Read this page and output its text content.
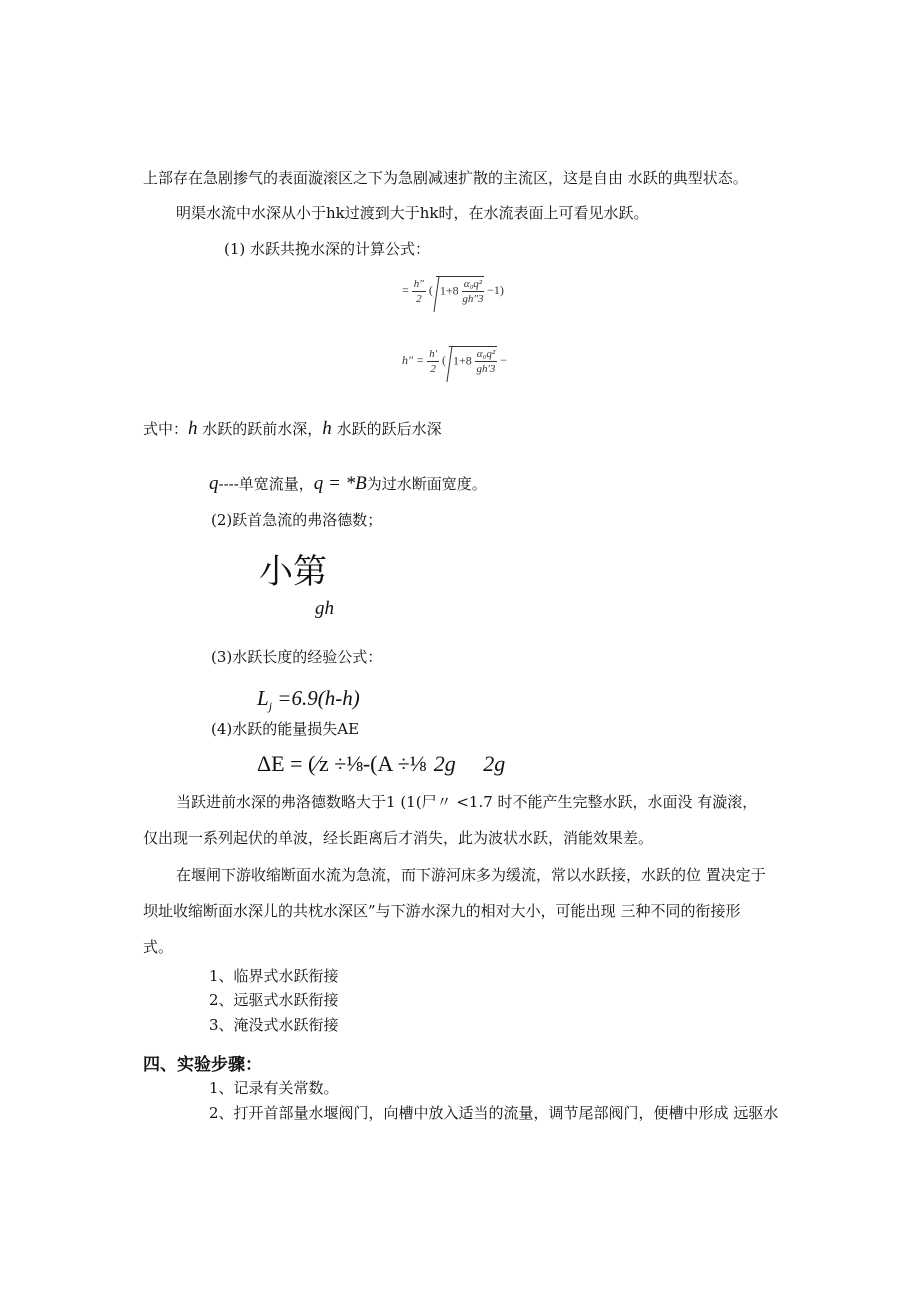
上部存在急剧掺气的表面漩滚区之下为急剧减速扩散的主流区，这是自由 水跃的典型状态。
明渠水流中水深从小于hk过渡到大于hk时，在水流表面上可看见水跃。
(1) 水跃共挽水深的计算公式：
= $\frac{h"}{2}$ ( $1+8 \frac{\text{α₀q²}}{gh"3} -1$)
h" = $\frac{h'}{2}$ ( $1+8 \frac{\text{α₀q²}}{gh'3}$ −
式中：h 水跃的跃前水深，h 水跃的跃后水深
q----单宽流量，q = *B为过水断面宽度。
(2)跃首急流的弗洛德数；
小第
gh
(3)水跃长度的经验公式：
$L_j =6.9(h-h)$
(4)水跃的能量损失AE
ΔE = (⁄z ÷⅛-(A ÷⅛ 2g 2g
当跃进前水深的弗洛德数略大于1 (1(尸〃 <1.7 时不能产生完整水跃，水面没 有漩滚，
仅出现一系列起伏的单波，经长距离后才消失，此为波状水跃，消能效果差。
在堰闸下游收缩断面水流为急流，而下游河床多为缓流，常以水跃接，水跃的位 置决定于
坝址收缩断面水深儿的共枕水深区”与下游水深九的相对大小，可能出现 三种不同的衔接形
式。
1、临界式水跃衔接
2、远驱式水跃衔接
3、淹没式水跃衔接
四、实验步骤：
1、记录有关常数。
2、打开首部量水堰阀门，向槽中放入适当的流量，调节尾部阀门，便槽中形成 远驱水
